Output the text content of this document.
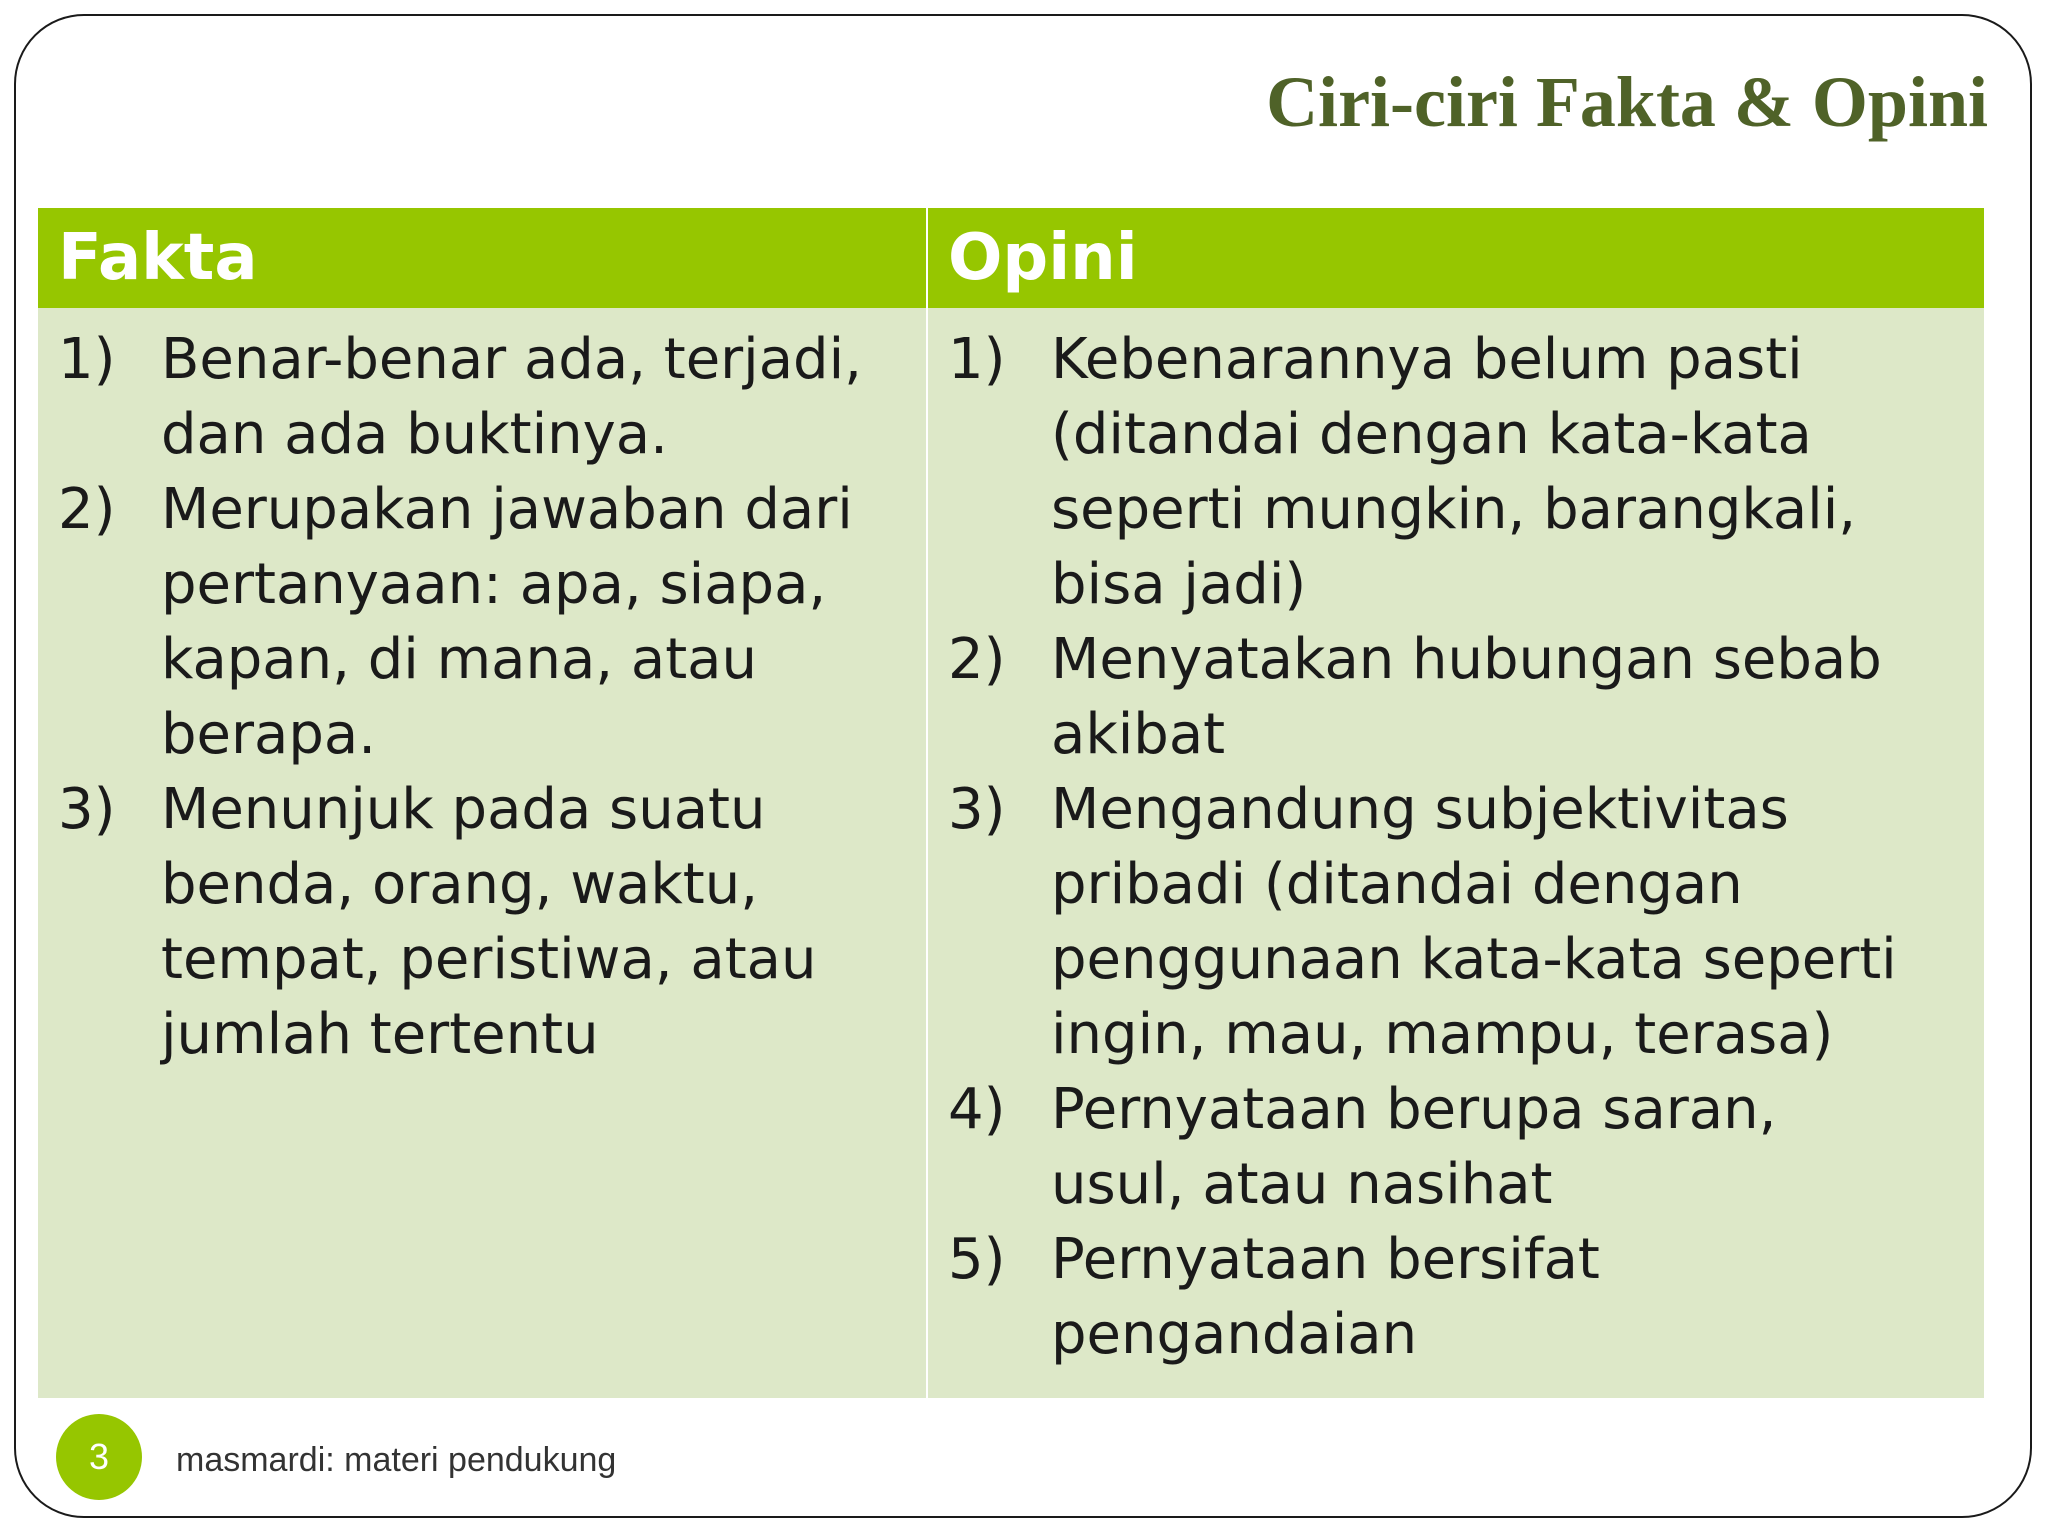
Ciri-ciri Fakta & Opini
Fakta	Opini
1) Benar-benar ada, terjadi,
dan ada buktinya.
2) Merupakan jawaban dari
pertanyaan: apa, siapa,
kapan, di mana, atau
berapa.
3) Menunjuk pada suatu
benda, orang, waktu,
tempat, peristiwa, atau
jumlah tertentu
1) Kebenarannya belum pasti
(ditandai dengan kata-kata
seperti mungkin, barangkali,
bisa jadi)
2) Menyatakan hubungan sebab
akibat
3) Mengandung subjektivitas
pribadi (ditandai dengan
penggunaan kata-kata seperti
ingin, mau, mampu, terasa)
4) Pernyataan berupa saran,
usul, atau nasihat
5) Pernyataan bersifat
pengandaian
3	masmardi: materi pendukung
